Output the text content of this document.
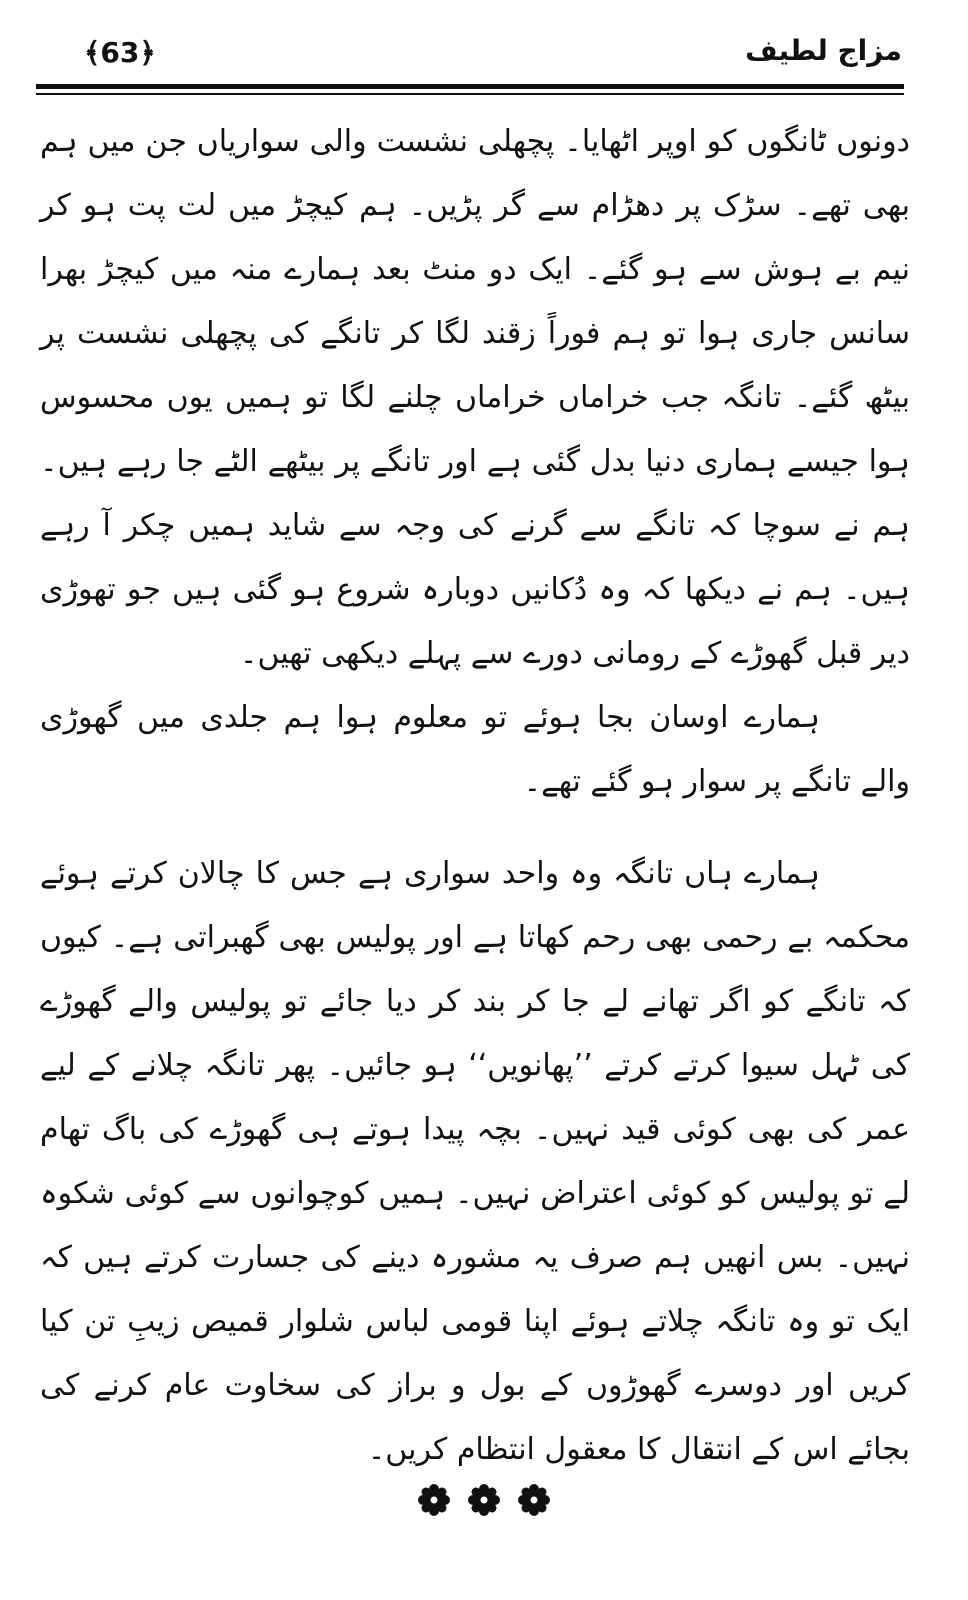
﴾63﴿	مزاج لطیف

دونوں ٹانگوں کو اوپر اٹھایا۔ پچھلی نشست والی سواریاں جن میں ہم بھی تھے۔ سڑک پر دھڑام سے گر پڑیں۔ ہم کیچڑ میں لت پت ہو کر نیم بے ہوش سے ہو گئے۔ ایک دو منٹ بعد ہمارے منہ میں کیچڑ بھرا سانس جاری ہوا تو ہم فوراً زقند لگا کر تانگے کی پچھلی نشست پر بیٹھ گئے۔ تانگہ جب خراماں خراماں چلنے لگا تو ہمیں یوں محسوس ہوا جیسے ہماری دنیا بدل گئی ہے اور تانگے پر بیٹھے الٹے جا رہے ہیں۔ ہم نے سوچا کہ تانگے سے گرنے کی وجہ سے شاید ہمیں چکر آ رہے ہیں۔ ہم نے دیکھا کہ وہ دُکانیں دوبارہ شروع ہو گئی ہیں جو تھوڑی دیر قبل گھوڑے کے رومانی دورے سے پہلے دیکھی تھیں۔

ہمارے اوسان بجا ہوئے تو معلوم ہوا ہم جلدی میں گھوڑی والے تانگے پر سوار ہو گئے تھے۔

ہمارے ہاں تانگہ وہ واحد سواری ہے جس کا چالان کرتے ہوئے محکمہ بے رحمی بھی رحم کھاتا ہے اور پولیس بھی گھبراتی ہے۔ کیوں کہ تانگے کو اگر تھانے لے جا کر بند کر دیا جائے تو پولیس والے گھوڑے کی ٹہل سیوا کرتے کرتے ’’پھانویں‘‘ ہو جائیں۔ پھر تانگہ چلانے کے لیے عمر کی بھی کوئی قید نہیں۔ بچہ پیدا ہوتے ہی گھوڑے کی باگ تھام لے تو پولیس کو کوئی اعتراض نہیں۔ ہمیں کوچوانوں سے کوئی شکوہ نہیں۔ بس انھیں ہم صرف یہ مشورہ دینے کی جسارت کرتے ہیں کہ ایک تو وہ تانگہ چلاتے ہوئے اپنا قومی لباس شلوار قمیص زیبِ تن کیا کریں اور دوسرے گھوڑوں کے بول و براز کی سخاوت عام کرنے کی بجائے اس کے انتقال کا معقول انتظام کریں۔
